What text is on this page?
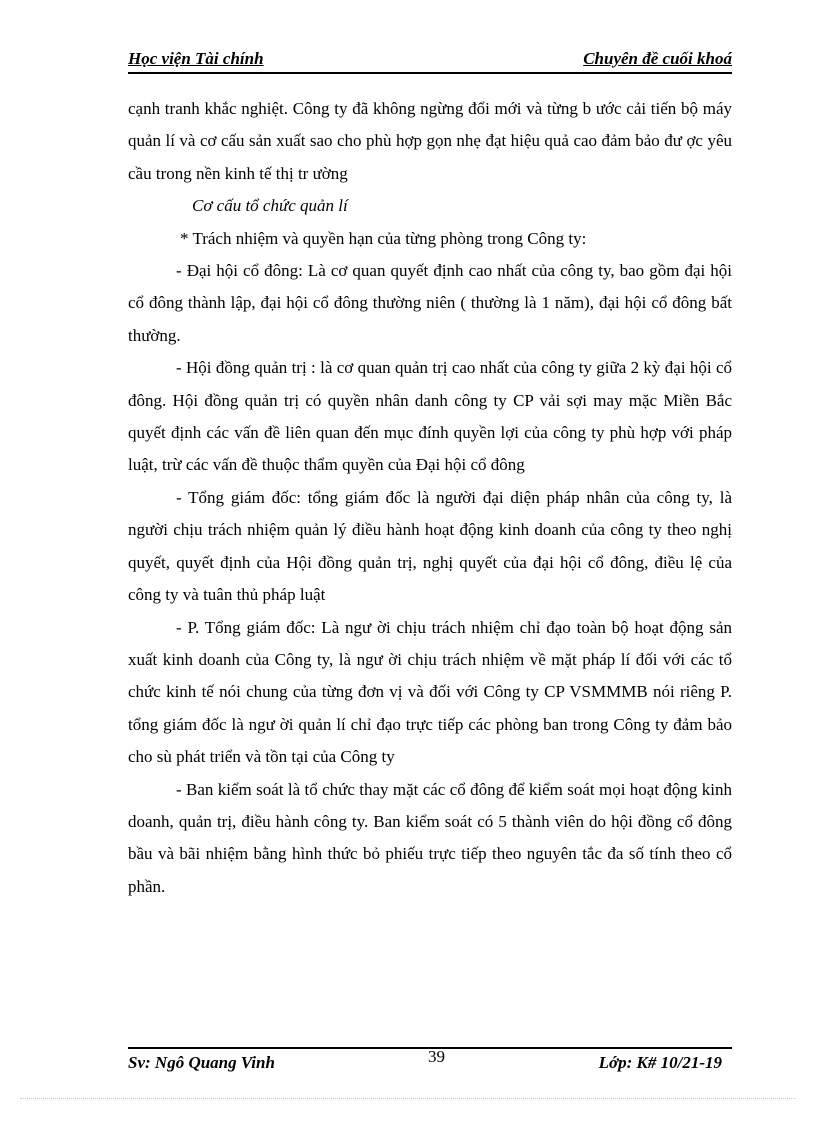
Học viện Tài chính	Chuyên đề cuối khoá

cạnh tranh khắc nghiệt. Công ty đã không ngừng đổi mới và từng b ước cải tiến bộ máy quản lí và cơ cấu sản xuất sao cho phù hợp gọn nhẹ đạt hiệu quả cao đảm bảo đư ợc yêu cầu trong nền kinh tế thị tr ường

Cơ cấu tổ chức quản lí

* Trách nhiệm và quyền hạn của từng phòng trong Công ty:

- Đại hội cổ đông: Là cơ quan quyết định cao nhất của công ty, bao gồm đại hội cổ đông thành lập, đại hội cổ đông thường niên ( thường là 1 năm), đại hội cổ đông bất thường.

- Hội đồng quản trị : là cơ quan quản trị cao nhất của công ty giữa 2 kỳ đại hội cổ đông. Hội đồng quản trị có quyền nhân danh công ty CP vải sợi may mặc Miền Bắc quyết định các vấn đề liên quan đến mục đính quyền lợi của công ty phù hợp với pháp luật, trừ các vấn đề thuộc thẩm quyền của Đại hội cổ đông

- Tổng giám đốc: tổng giám đốc là người đại diện pháp nhân của công ty, là người chịu trách nhiệm quản lý điều hành hoạt động kinh doanh của công ty theo nghị quyết, quyết định của Hội đồng quản trị, nghị quyết của đại hội cổ đông, điều lệ của công ty và tuân thủ pháp luật

- P. Tổng giám đốc: Là ngư ời chịu trách nhiệm chỉ đạo toàn bộ hoạt động sản xuất kinh doanh của Công ty, là ngư ời chịu trách nhiệm về mặt pháp lí đối với các tổ chức kinh tế nói chung của từng đơn vị và đối với Công ty CP VSMMMB nói riêng P. tổng giám đốc là ngư ời quản lí chỉ đạo trực tiếp các phòng ban trong Công ty đảm bảo cho sù phát triển và tồn tại của Công ty

- Ban kiểm soát là tổ chức thay mặt các cổ đông để kiểm soát mọi hoạt động kinh doanh, quản trị, điều hành công ty. Ban kiểm soát có 5 thành viên do hội đồng cổ đông bầu và bãi nhiệm bằng hình thức bỏ phiếu trực tiếp theo nguyên tắc đa số tính theo cổ phần.

Sv: Ngô Quang Vinh	39	Lớp: K# 10/21-19
